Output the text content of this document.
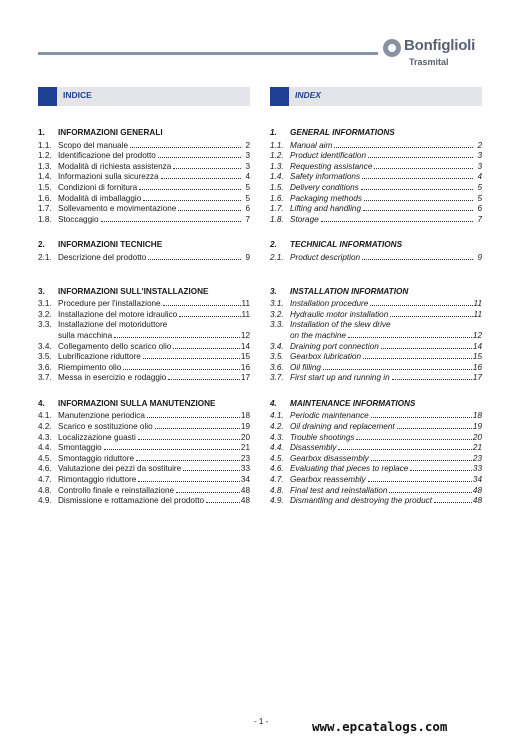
Bonfiglioli
Trasmital
INDICE	INDEX
1.	INFORMAZIONI GENERALI
1.1. Scopo del manuale	2
1.2. Identificazione del prodotto	3
1.3. Modalità di richiesta assistenza	3
1.4. Informazioni sulla sicurezza	4
1.5. Condizioni di fornitura	5
1.6. Modalità di imballaggio	5
1.7. Sollevamento e movimentazione	6
1.8. Stoccaggio	7
2.	INFORMAZIONI TECNICHE
2.1. Descrizione del prodotto	9
3.	INFORMAZIONI SULL'INSTALLAZIONE
3.1. Procedure per l'installazione	11
3.2. Installazione del motore idraulico	11
3.3. Installazione del motoriduttore
sulla macchina	12
3.4. Collegamento dello scarico olio	14
3.5. Lubrificazione riduttore	15
3.6. Riempimento olio	16
3.7. Messa in esercizio e rodaggio	17
4.	INFORMAZIONI SULLA MANUTENZIONE
4.1. Manutenzione periodica	18
4.2. Scarico e sostituzione olio	19
4.3. Localizzazione guasti	20
4.4. Smontaggio	21
4.5. Smontaggio riduttore	23
4.6. Valutazione dei pezzi da sostituire	33
4.7. Rimontaggio riduttore	34
4.8. Controllo finale e reinstallazione	48
4.9. Dismissione e rottamazione del prodotto	48
1.	GENERAL INFORMATIONS
1.1. Manual aim	2
1.2. Product identification	3
1.3. Requesting assistance	3
1.4. Safety informations	4
1.5. Delivery conditions	5
1.6. Packaging methods	5
1.7. Lifting and handling	6
1.8. Storage	7
2.	TECHNICAL INFORMATIONS
2.1. Product description	9
3.	INSTALLATION INFORMATION
3.1. Installation procedure	11
3.2. Hydraulic motor installation	11
3.3. Installation of the slew drive
on the machine	12
3.4. Draining port connection	14
3.5. Gearbox lubrication	15
3.6. Oil filling	16
3.7. First start up and running in	17
4.	MAINTENANCE INFORMATIONS
4.1. Periodic maintenance	18
4.2. Oil draining and replacement	19
4.3. Trouble shootings	20
4.4. Disassembly	21
4.5. Gearbox disassembly	23
4.6. Evaluating that pieces to replace	33
4.7. Gearbox reassembly	34
4.8. Final test and reinstallation	48
4.9. Dismantling and destroying the product	48
- 1 -	www.epcatalogs.com
